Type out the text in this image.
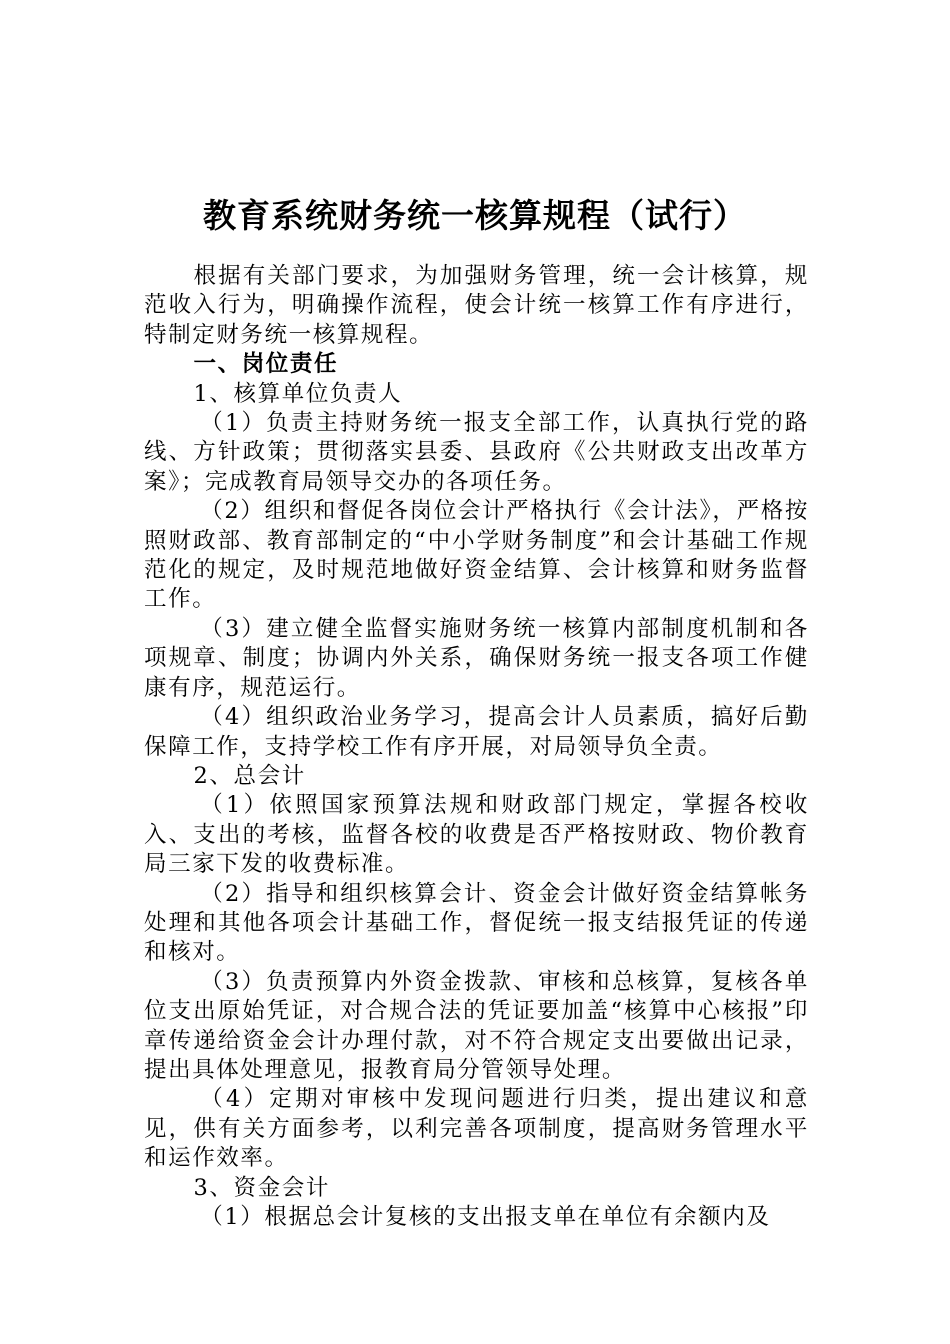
教育系统财务统一核算规程（试行）

根据有关部门要求，为加强财务管理，统一会计核算，规范收入行为，明确操作流程，使会计统一核算工作有序进行，特制定财务统一核算规程。

一、岗位责任

1、核算单位负责人

（1）负责主持财务统一报支全部工作，认真执行党的路线、方针政策；贯彻落实县委、县政府《公共财政支出改革方案》；完成教育局领导交办的各项任务。

（2）组织和督促各岗位会计严格执行《会计法》，严格按照财政部、教育部制定的“中小学财务制度”和会计基础工作规范化的规定，及时规范地做好资金结算、会计核算和财务监督工作。

（3）建立健全监督实施财务统一核算内部制度机制和各项规章、制度；协调内外关系，确保财务统一报支各项工作健康有序，规范运行。

（4）组织政治业务学习，提高会计人员素质，搞好后勤保障工作，支持学校工作有序开展，对局领导负全责。

2、总会计

（1）依照国家预算法规和财政部门规定，掌握各校收入、支出的考核，监督各校的收费是否严格按财政、物价教育局三家下发的收费标准。

（2）指导和组织核算会计、资金会计做好资金结算帐务处理和其他各项会计基础工作，督促统一报支结报凭证的传递和核对。

（3）负责预算内外资金拨款、审核和总核算，复核各单位支出原始凭证，对合规合法的凭证要加盖“核算中心核报”印章传递给资金会计办理付款，对不符合规定支出要做出记录，提出具体处理意见，报教育局分管领导处理。

（4）定期对审核中发现问题进行归类，提出建议和意见，供有关方面参考，以利完善各项制度，提高财务管理水平和运作效率。

3、资金会计

（1）根据总会计复核的支出报支单在单位有余额内及
